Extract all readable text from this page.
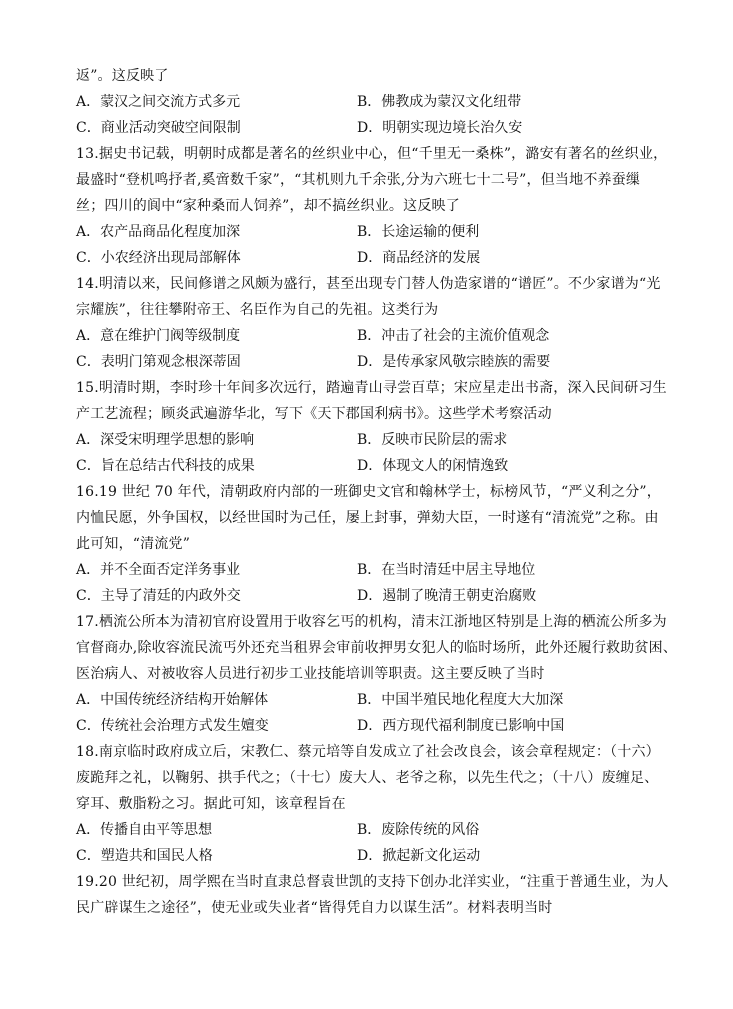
返”。这反映了
A．蒙汉之间交流方式多元	B．佛教成为蒙汉文化纽带
C．商业活动突破空间限制	D．明朝实现边境长治久安
13.据史书记载，明朝时成都是著名的丝织业中心，但“千里无一桑株”，潞安有著名的丝织业，
最盛时“登机鸣抒者,奚啻数千家”，“其机则九千余张,分为六班七十二号”，但当地不养蚕缫
丝；四川的阆中“家种桑而人饲养”，却不搞丝织业。这反映了
A．农产品商品化程度加深	B．长途运输的便利
C．小农经济出现局部解体	D．商品经济的发展
14.明清以来，民间修谱之风颇为盛行，甚至出现专门替人伪造家谱的“谱匠”。不少家谱为“光
宗耀族”，往往攀附帝王、名臣作为自己的先祖。这类行为
A．意在维护门阀等级制度	B．冲击了社会的主流价值观念
C．表明门第观念根深蒂固	D．是传承家风敬宗睦族的需要
15.明清时期，李时珍十年间多次远行，踏遍青山寻尝百草；宋应星走出书斋，深入民间研习生
产工艺流程；顾炎武遍游华北，写下《天下郡国利病书》。这些学术考察活动
A．深受宋明理学思想的影响	B．反映市民阶层的需求
C．旨在总结古代科技的成果	D．体现文人的闲情逸致
16.19 世纪 70 年代，清朝政府内部的一班御史文官和翰林学士，标榜风节，“严义利之分”，
内恤民愿，外争国权，以经世国时为己任，屡上封事，弹劾大臣，一时遂有“清流党”之称。由
此可知，“清流党”
A．并不全面否定洋务事业	B．在当时清廷中居主导地位
C．主导了清廷的内政外交	D．遏制了晚清王朝吏治腐败
17.栖流公所本为清初官府设置用于收容乞丐的机构，清末江浙地区特别是上海的栖流公所多为
官督商办,除收容流民流丐外还充当租界会审前收押男女犯人的临时场所，此外还履行救助贫困、
医治病人、对被收容人员进行初步工业技能培训等职责。这主要反映了当时
A．中国传统经济结构开始解体	B．中国半殖民地化程度大大加深
C．传统社会治理方式发生嬗变	D．西方现代福利制度已影响中国
18.南京临时政府成立后，宋教仁、蔡元培等自发成立了社会改良会，该会章程规定：（十六）
废跪拜之礼，以鞠躬、拱手代之；（十七）废大人、老爷之称，以先生代之；（十八）废缠足、
穿耳、敷脂粉之习。据此可知，该章程旨在
A．传播自由平等思想	B．废除传统的风俗
C．塑造共和国民人格	D．掀起新文化运动
19.20 世纪初，周学熙在当时直隶总督袁世凯的支持下创办北洋实业，“注重于普通生业，为人
民广辟谋生之途径”，使无业或失业者“皆得凭自力以谋生活”。材料表明当时
